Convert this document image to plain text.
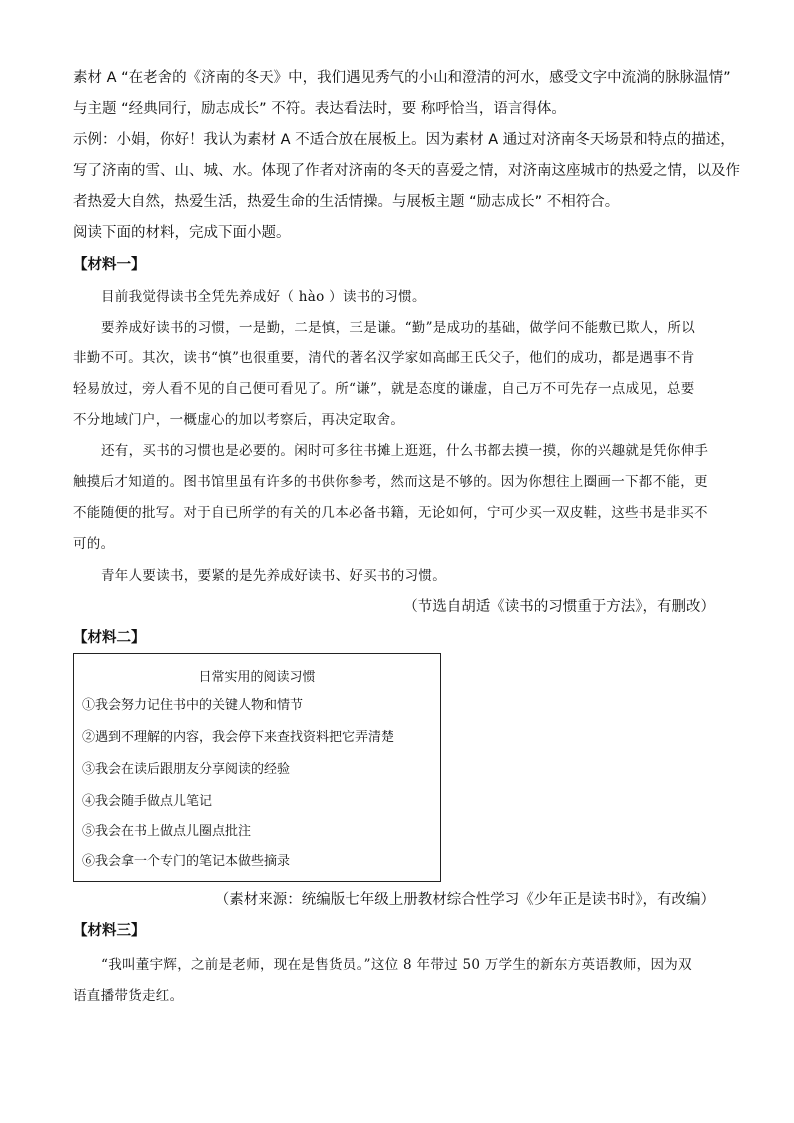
素材 A “在老舍的《济南的冬天》中，我们遇见秀气的小山和澄清的河水，感受文字中流淌的脉脉温情”
与主题 “经典同行，励志成长” 不符。表达看法时，要 称呼恰当，语言得体。
示例：小娟，你好！我认为素材 A 不适合放在展板上。因为素材 A 通过对济南冬天场景和特点的描述，
写了济南的雪、山、城、水。体现了作者对济南的冬天的喜爱之情，对济南这座城市的热爱之情，以及作
者热爱大自然，热爱生活，热爱生命的生活情操。与展板主题 “励志成长” 不相符合。
阅读下面的材料，完成下面小题。
【材料一】
目前我觉得读书全凭先养成好（ hào ）读书的习惯。
要养成好读书的习惯，一是勤，二是慎，三是谦。“勤”是成功的基础，做学问不能敷已欺人，所以
非勤不可。其次，读书“慎”也很重要，清代的著名汉学家如高邮王氏父子，他们的成功，都是遇事不肯
轻易放过，旁人看不见的自己便可看见了。所“谦”，就是态度的谦虚，自己万不可先存一点成见，总要
不分地域门户，一概虚心的加以考察后，再决定取舍。
还有，买书的习惯也是必要的。闲时可多往书摊上逛逛，什么书都去摸一摸，你的兴趣就是凭你伸手
触摸后才知道的。图书馆里虽有许多的书供你参考，然而这是不够的。因为你想往上圈画一下都不能，更
不能随便的批写。对于自已所学的有关的几本必备书籍，无论如何，宁可少买一双皮鞋，这些书是非买不
可的。
青年人要读书，要紧的是先养成好读书、好买书的习惯。
（节选自胡适《读书的习惯重于方法》，有删改）
【材料二】
日常实用的阅读习惯
①我会努力记住书中的关键人物和情节
②遇到不理解的内容，我会停下来查找资料把它弄清楚
③我会在读后跟朋友分享阅读的经验
④我会随手做点儿笔记
⑤我会在书上做点儿圈点批注
⑥我会拿一个专门的笔记本做些摘录
（素材来源：统编版七年级上册教材综合性学习《少年正是读书时》，有改编）
【材料三】
“我叫董宇辉，之前是老师，现在是售货员。”这位 8 年带过 50 万学生的新东方英语教师，因为双
语直播带货走红。
